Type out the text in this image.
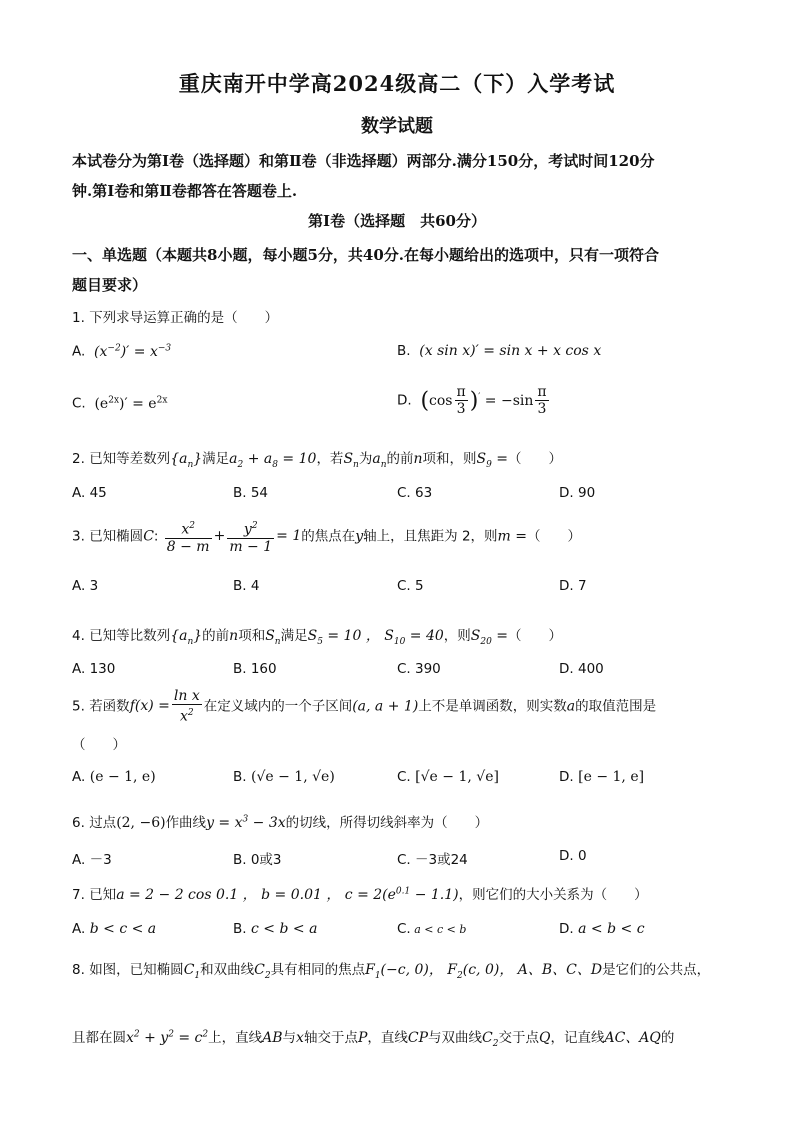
重庆南开中学高2024级高二（下）入学考试
数学试题
本试卷分为第Ⅰ卷（选择题）和第Ⅱ卷（非选择题）两部分.满分150分，考试时间120分
钟.第Ⅰ卷和第Ⅱ卷都答在答题卷上.
第Ⅰ卷（选择题　共60分）
一、单选题（本题共8小题，每小题5分，共40分.在每小题给出的选项中，只有一项符合
题目要求）
1. 下列求导运算正确的是（　　）
A.  $(x^{-2})' = x^{-3}$	B.  (x sin x)′ = sin x + x cos x
C.  $(e^{2x})' = e^{2x}$	D. $(\cos \frac{\pi}{3} )' = -\sin \frac{\pi}{3}$
2. 已知等差数列$\{a_n\}$满足$a_2 + a_8 = 10$，若$S_n$为$a_n$的前n项和，则$S_9$ =（　　）
A. 45	B. 54	C. 63	D. 90
3. 已知椭圆C: $\frac{x^2}{8 - m} + \frac{y^2}{m - 1} = 1$的焦点在y轴上，且焦距为 2，则m =（　　）
A. 3	B. 4	C. 5	D. 7
4. 已知等比数列$\{a_n\}$的前n项和$S_n$满足$S_5 = 10$ ， $S_{10} = 40$，则$S_{20}$ =（　　）
A. 130	B. 160	C. 390	D. 400
5. 若函数$f(x) = \frac{\text{ln x}}{x^2}$ 在定义域内的一个子区间(a, a + 1)上不是单调函数，则实数a的取值范围是
（　　）
A. (e − 1, e)	B. (√e − 1, √e)	C. [√e − 1, √e]	D. [e − 1, e]
6. 过点(2, −6)作曲线$y = x^3 - 3x$的切线，所得切线斜率为（　　）
A. －3	B. 0或3	C. －3或24	D. 0
7. 已知a = 2 − 2 cos 0.1 ， b = 0.01 ， $c = 2(e^{0.1} - 1.1)$，则它们的大小关系为（　　）
A. b < c < a	B. c < b < a	C. a < c < b	D. a < b < c
8. 如图，已知椭圆$C_1$和双曲线$C_2$具有相同的焦点$F_1(-c$, 0)， $F_2(c$, 0)， A、B、C、D是它们的公共点，
且都在圆$x^2 + y^2 = c^2$上，直线AB与x轴交于点P，直线CP与双曲线$C_2$交于点Q，记直线AC、AQ的
